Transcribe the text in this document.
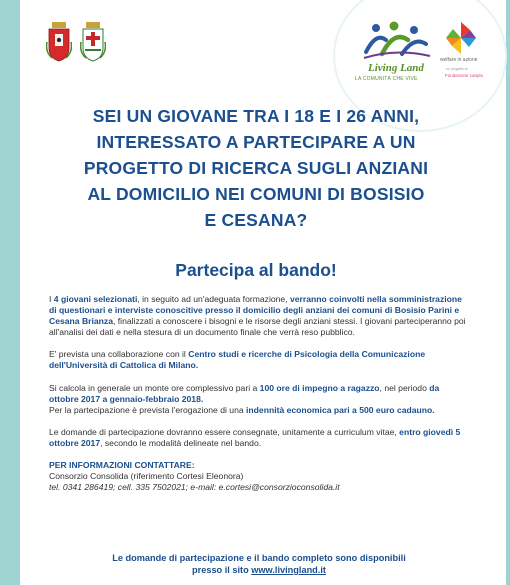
Living Land
LA COMUNITÀ CHE VIVE
welfare in azione
un progetto di
Fondazione cariplo
SEI UN GIOVANE TRA I 18 E I 26 ANNI,
INTERESSATO A PARTECIPARE A UN
PROGETTO DI RICERCA SUGLI ANZIANI
AL DOMICILIO NEI COMUNI DI BOSISIO
E CESANA?
Partecipa al bando!

I 4 giovani selezionati, in seguito ad un'adeguata formazione, verranno coinvolti nella somministrazione di questionari e interviste conoscitive presso il domicilio degli anziani dei comuni di Bosisio Parini e Cesana Brianza, finalizzati a conoscere i bisogni e le risorse degli anziani stessi. I giovani parteciperanno poi all'analisi dei dati e nella stesura di un documento finale che verrà reso pubblico.

E' prevista una collaborazione con il Centro studi e ricerche di Psicologia della Comunicazione dell'Università di Cattolica di Milano.

Si calcola in generale un monte ore complessivo pari a 100 ore di impegno a ragazzo, nel periodo da ottobre 2017 a gennaio-febbraio 2018.
Per la partecipazione è prevista l'erogazione di una indennità economica pari a 500 euro cadauno.

Le domande di partecipazione dovranno essere consegnate, unitamente a curriculum vitae, entro giovedì 5 ottobre 2017, secondo le modalità delineate nel bando.

PER INFORMAZIONI CONTATTARE:
Consorzio Consolida (riferimento Cortesi Eleonora)
tel. 0341 286419; cell. 335 7502021; e-mail: e.cortesi@consorzioconsolida.it

Le domande di partecipazione e il bando completo sono disponibili
presso il sito www.livingland.it
